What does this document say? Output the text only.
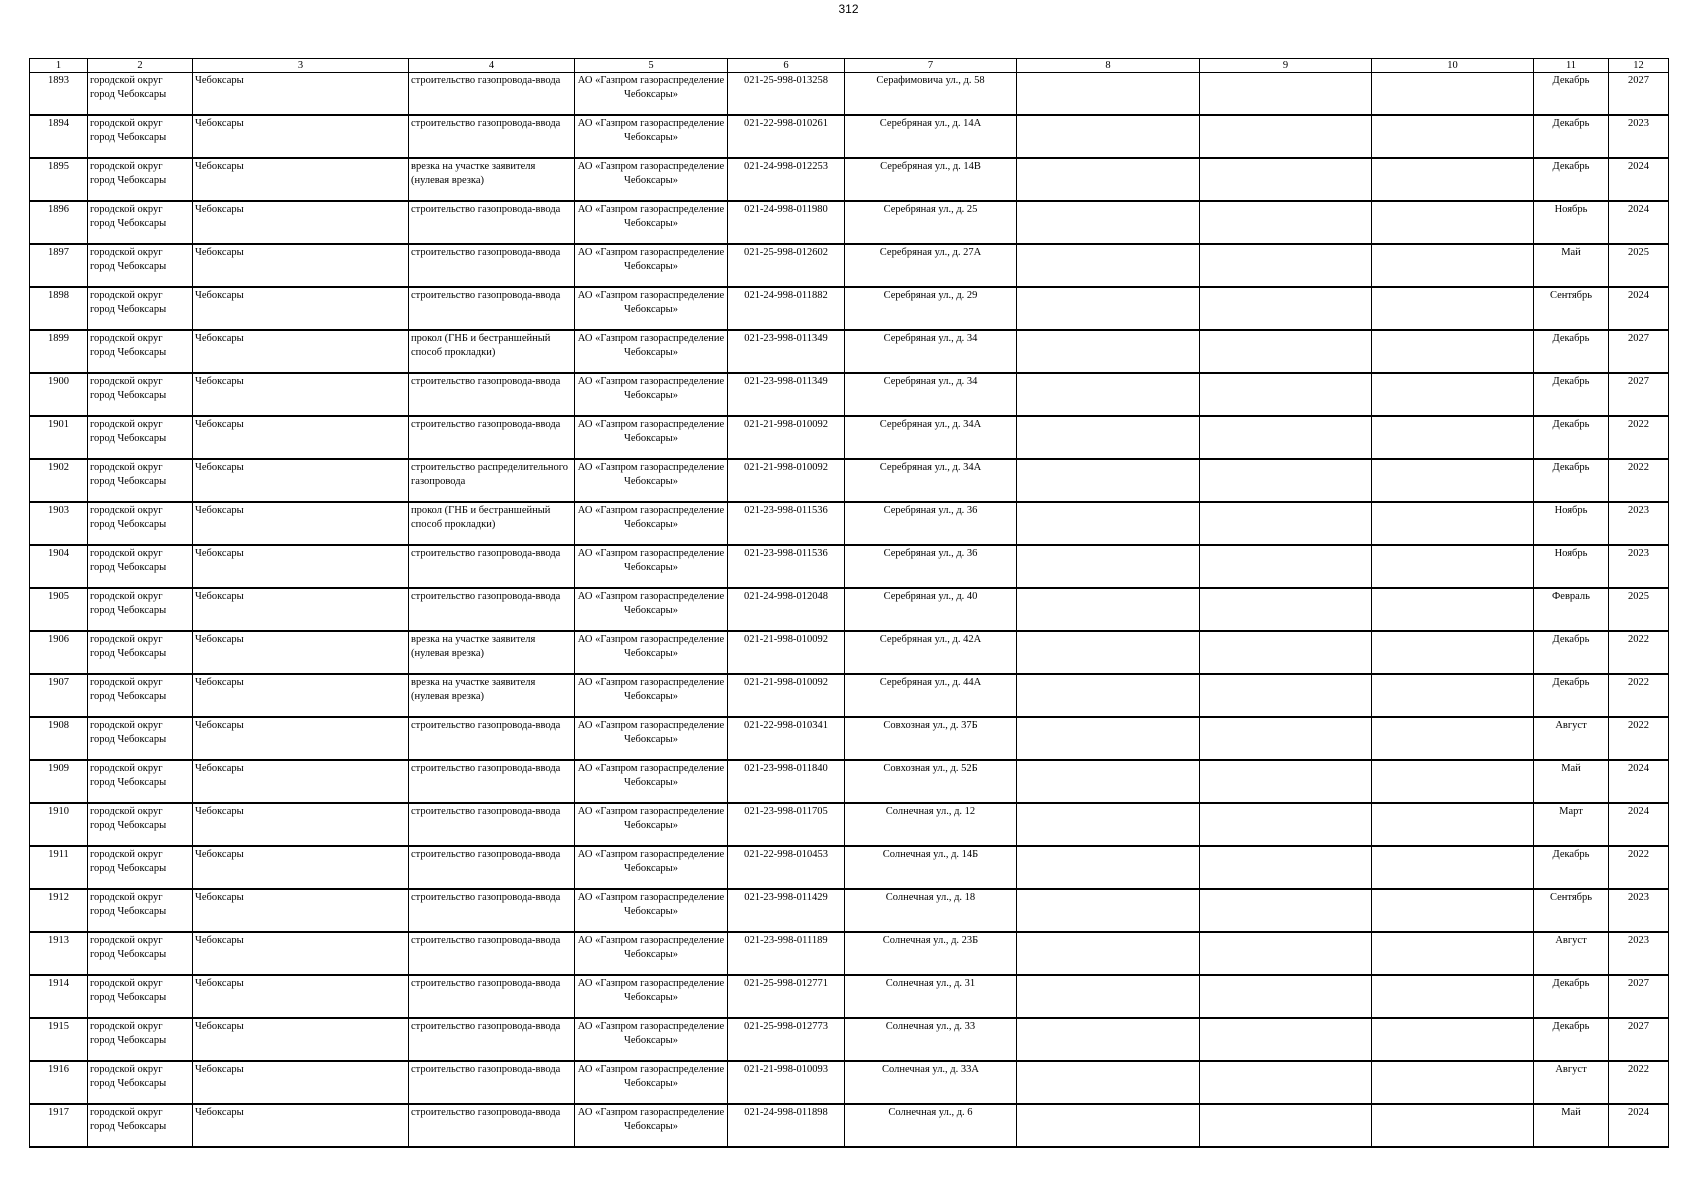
312
1	2	3	4	5	6	7	8	9	10	11	12
1893	городской округ город Чебоксары	Чебоксары	строительство газопровода-ввода	АО «Газпром газораспределение Чебоксары»	021-25-998-013258	Серафимовича ул., д. 58				Декабрь	2027
1894	городской округ город Чебоксары	Чебоксары	строительство газопровода-ввода	АО «Газпром газораспределение Чебоксары»	021-22-998-010261	Серебряная ул., д. 14А				Декабрь	2023
1895	городской округ город Чебоксары	Чебоксары	врезка на участке заявителя (нулевая врезка)	АО «Газпром газораспределение Чебоксары»	021-24-998-012253	Серебряная ул., д. 14В				Декабрь	2024
1896	городской округ город Чебоксары	Чебоксары	строительство газопровода-ввода	АО «Газпром газораспределение Чебоксары»	021-24-998-011980	Серебряная ул., д. 25				Ноябрь	2024
1897	городской округ город Чебоксары	Чебоксары	строительство газопровода-ввода	АО «Газпром газораспределение Чебоксары»	021-25-998-012602	Серебряная ул., д. 27А				Май	2025
1898	городской округ город Чебоксары	Чебоксары	строительство газопровода-ввода	АО «Газпром газораспределение Чебоксары»	021-24-998-011882	Серебряная ул., д. 29				Сентябрь	2024
1899	городской округ город Чебоксары	Чебоксары	прокол (ГНБ и бестраншейный способ прокладки)	АО «Газпром газораспределение Чебоксары»	021-23-998-011349	Серебряная ул., д. 34				Декабрь	2027
1900	городской округ город Чебоксары	Чебоксары	строительство газопровода-ввода	АО «Газпром газораспределение Чебоксары»	021-23-998-011349	Серебряная ул., д. 34				Декабрь	2027
1901	городской округ город Чебоксары	Чебоксары	строительство газопровода-ввода	АО «Газпром газораспределение Чебоксары»	021-21-998-010092	Серебряная ул., д. 34А				Декабрь	2022
1902	городской округ город Чебоксары	Чебоксары	строительство распределительного газопровода	АО «Газпром газораспределение Чебоксары»	021-21-998-010092	Серебряная ул., д. 34А				Декабрь	2022
1903	городской округ город Чебоксары	Чебоксары	прокол (ГНБ и бестраншейный способ прокладки)	АО «Газпром газораспределение Чебоксары»	021-23-998-011536	Серебряная ул., д. 36				Ноябрь	2023
1904	городской округ город Чебоксары	Чебоксары	строительство газопровода-ввода	АО «Газпром газораспределение Чебоксары»	021-23-998-011536	Серебряная ул., д. 36				Ноябрь	2023
1905	городской округ город Чебоксары	Чебоксары	строительство газопровода-ввода	АО «Газпром газораспределение Чебоксары»	021-24-998-012048	Серебряная ул., д. 40				Февраль	2025
1906	городской округ город Чебоксары	Чебоксары	врезка на участке заявителя (нулевая врезка)	АО «Газпром газораспределение Чебоксары»	021-21-998-010092	Серебряная ул., д. 42А				Декабрь	2022
1907	городской округ город Чебоксары	Чебоксары	врезка на участке заявителя (нулевая врезка)	АО «Газпром газораспределение Чебоксары»	021-21-998-010092	Серебряная ул., д. 44А				Декабрь	2022
1908	городской округ город Чебоксары	Чебоксары	строительство газопровода-ввода	АО «Газпром газораспределение Чебоксары»	021-22-998-010341	Совхозная ул., д. 37Б				Август	2022
1909	городской округ город Чебоксары	Чебоксары	строительство газопровода-ввода	АО «Газпром газораспределение Чебоксары»	021-23-998-011840	Совхозная ул., д. 52Б				Май	2024
1910	городской округ город Чебоксары	Чебоксары	строительство газопровода-ввода	АО «Газпром газораспределение Чебоксары»	021-23-998-011705	Солнечная ул., д. 12				Март	2024
1911	городской округ город Чебоксары	Чебоксары	строительство газопровода-ввода	АО «Газпром газораспределение Чебоксары»	021-22-998-010453	Солнечная ул., д. 14Б				Декабрь	2022
1912	городской округ город Чебоксары	Чебоксары	строительство газопровода-ввода	АО «Газпром газораспределение Чебоксары»	021-23-998-011429	Солнечная ул., д. 18				Сентябрь	2023
1913	городской округ город Чебоксары	Чебоксары	строительство газопровода-ввода	АО «Газпром газораспределение Чебоксары»	021-23-998-011189	Солнечная ул., д. 23Б				Август	2023
1914	городской округ город Чебоксары	Чебоксары	строительство газопровода-ввода	АО «Газпром газораспределение Чебоксары»	021-25-998-012771	Солнечная ул., д. 31				Декабрь	2027
1915	городской округ город Чебоксары	Чебоксары	строительство газопровода-ввода	АО «Газпром газораспределение Чебоксары»	021-25-998-012773	Солнечная ул., д. 33				Декабрь	2027
1916	городской округ город Чебоксары	Чебоксары	строительство газопровода-ввода	АО «Газпром газораспределение Чебоксары»	021-21-998-010093	Солнечная ул., д. 33А				Август	2022
1917	городской округ город Чебоксары	Чебоксары	строительство газопровода-ввода	АО «Газпром газораспределение Чебоксары»	021-24-998-011898	Солнечная ул., д. 6				Май	2024
